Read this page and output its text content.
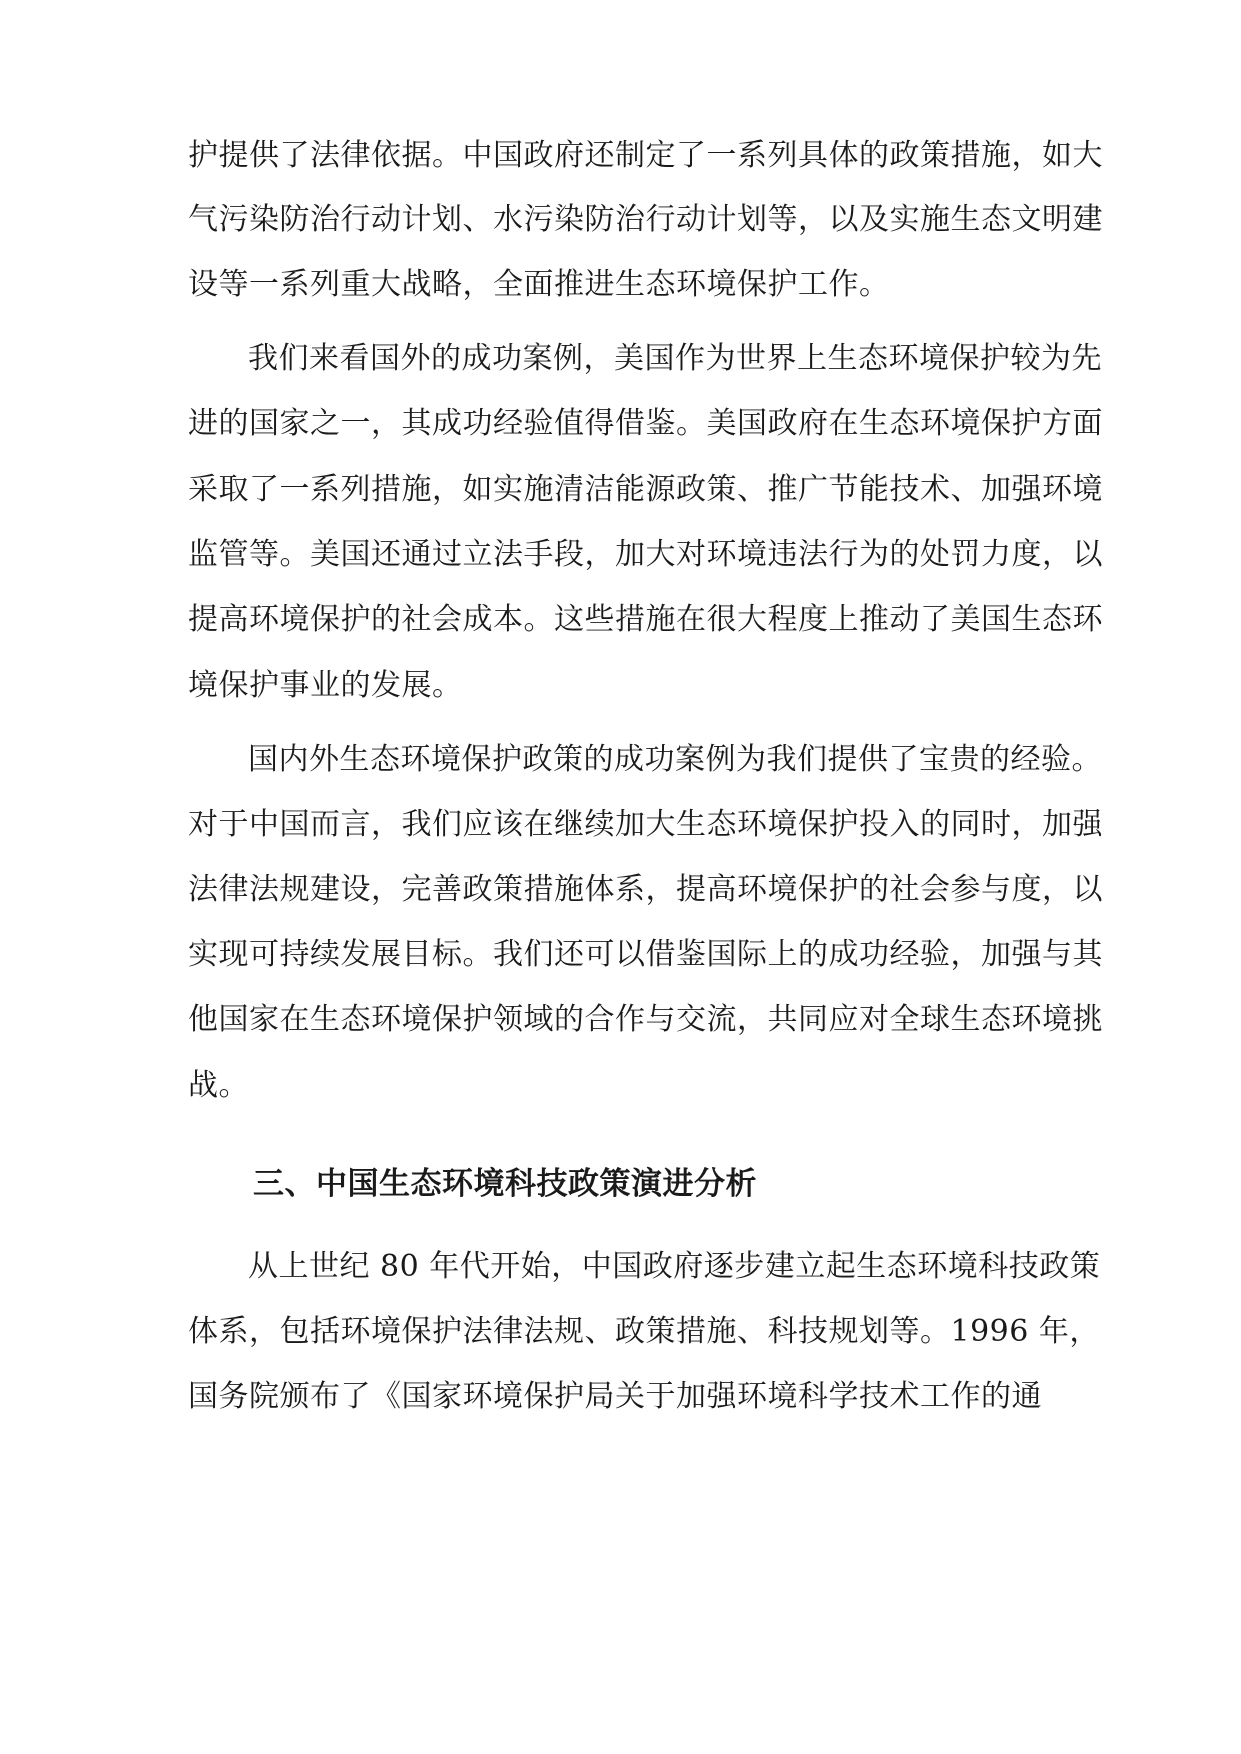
护提供了法律依据。中国政府还制定了一系列具体的政策措施，如大
气污染防治行动计划、水污染防治行动计划等，以及实施生态文明建
设等一系列重大战略，全面推进生态环境保护工作。
我们来看国外的成功案例，美国作为世界上生态环境保护较为先
进的国家之一，其成功经验值得借鉴。美国政府在生态环境保护方面
采取了一系列措施，如实施清洁能源政策、推广节能技术、加强环境
监管等。美国还通过立法手段，加大对环境违法行为的处罚力度，以
提高环境保护的社会成本。这些措施在很大程度上推动了美国生态环
境保护事业的发展。
国内外生态环境保护政策的成功案例为我们提供了宝贵的经验。
对于中国而言，我们应该在继续加大生态环境保护投入的同时，加强
法律法规建设，完善政策措施体系，提高环境保护的社会参与度，以
实现可持续发展目标。我们还可以借鉴国际上的成功经验，加强与其
他国家在生态环境保护领域的合作与交流，共同应对全球生态环境挑
战。
三、中国生态环境科技政策演进分析
从上世纪 80 年代开始，中国政府逐步建立起生态环境科技政策
体系，包括环境保护法律法规、政策措施、科技规划等。1996 年，
国务院颁布了《国家环境保护局关于加强环境科学技术工作的通
